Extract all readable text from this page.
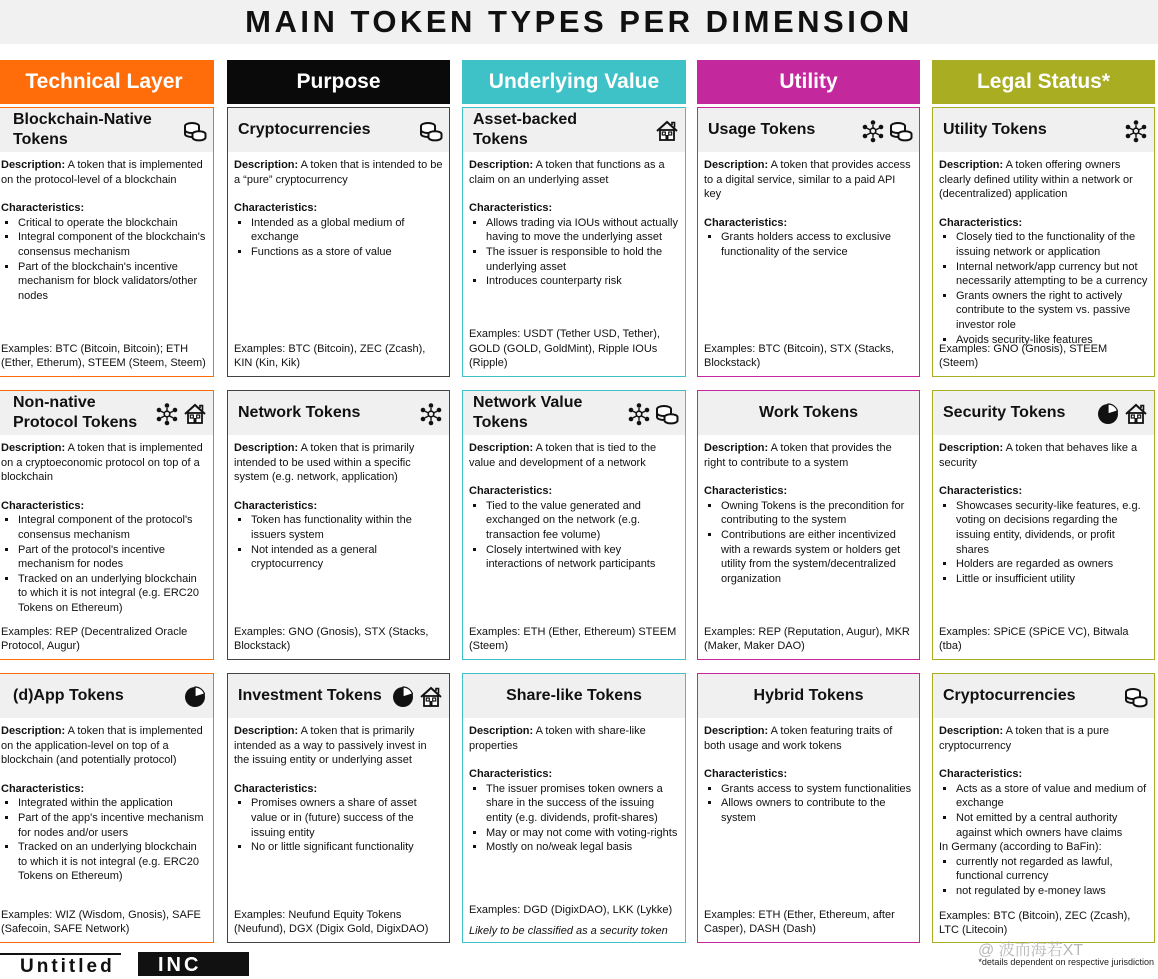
MAIN TOKEN TYPES PER DIMENSION
Technical Layer	Purpose	Underlying Value	Utility	Legal Status*
Blockchain-Native Tokens

Description: A token that is implemented on the protocol-level of a blockchain

Characteristics:

▪ Critical to operate the blockchain
▪ Integral component of the blockchain's consensus mechanism
▪ Part of the blockchain's incentive mechanism for block validators/other nodes
Examples: BTC (Bitcoin, Bitcoin); ETH (Ether, Etherum), STEEM (Steem, Steem)
Non-native Protocol Tokens

Description: A token that is implemented on a cryptoeconomic protocol on top of a blockchain

Characteristics:

▪ Integral component of the protocol's consensus mechanism
▪ Part of the protocol's incentive mechanism for nodes
▪ Tracked on an underlying blockchain to which it is not integral (e.g. ERC20 Tokens on Ethereum)
Examples: REP (Decentralized Oracle Protocol, Augur)
(d)App Tokens

Description: A token that is implemented on the application-level on top of a blockchain (and potentially protocol)

Characteristics:

▪ Integrated within the application
▪ Part of the app's incentive mechanism for nodes and/or users
▪ Tracked on an underlying blockchain to which it is not integral (e.g. ERC20 Tokens on Ethereum)
Examples: WIZ (Wisdom, Gnosis), SAFE (Safecoin, SAFE Network)
Cryptocurrencies

Description: A token that is intended to be a “pure” cryptocurrency

Characteristics:

▪ Intended as a global medium of exchange
▪ Functions as a store of value
Examples: BTC (Bitcoin), ZEC (Zcash), KIN (Kin, Kik)
Network Tokens

Description: A token that is primarily intended to be used within a specific system (e.g. network, application)

Characteristics:

▪ Token has functionality within the issuers system
▪ Not intended as a general cryptocurrency
Examples: GNO (Gnosis), STX (Stacks, Blockstack)
Investment Tokens

Description: A token that is primarily intended as a way to passively invest in the issuing entity or underlying asset

Characteristics:

▪ Promises owners a share of asset value or in (future) success of the issuing entity
▪ No or little significant functionality
Examples: Neufund Equity Tokens (Neufund), DGX (Digix Gold, DigixDAO)
Asset-backed Tokens

Description: A token that functions as a claim on an underlying asset

Characteristics:

▪ Allows trading via IOUs without actually having to move the underlying asset
▪ The issuer is responsible to hold the underlying asset
▪ Introduces counterparty risk
Examples: USDT (Tether USD, Tether), GOLD (GOLD, GoldMint), Ripple IOUs (Ripple)
Network Value Tokens

Description: A token that is tied to the value and development of a network

Characteristics:

▪ Tied to the value generated and exchanged on the network (e.g. transaction fee volume)
▪ Closely intertwined with key interactions of network participants
Examples: ETH (Ether, Ethereum) STEEM (Steem)
Share-like Tokens

Description: A token with share-like properties

Characteristics:

▪ The issuer promises token owners a share in the success of the issuing entity (e.g. dividends, profit-shares)
▪ May or may not come with voting-rights
▪ Mostly on no/weak legal basis
Examples: DGD (DigixDAO), LKK (Lykke)
Likely to be classified as a security token
Usage Tokens

Description: A token that provides access to a digital service, similar to a paid API key

Characteristics:

▪ Grants holders access to exclusive functionality of the service
Examples: BTC (Bitcoin), STX (Stacks, Blockstack)
Work Tokens

Description: A token that provides the right to contribute to a system

Characteristics:

▪ Owning Tokens is the precondition for contributing to the system
▪ Contributions are either incentivized with a rewards system or holders get utility from the system/decentralized organization
Examples: REP (Reputation, Augur), MKR (Maker, Maker DAO)
Hybrid Tokens

Description: A token featuring traits of both usage and work tokens

Characteristics:

▪ Grants access to system functionalities
▪ Allows owners to contribute to the system
Examples: ETH (Ether, Ethereum, after Casper), DASH (Dash)
Utility Tokens

Description: A token offering owners clearly defined utility within a network or (decentralized) application

Characteristics:

▪ Closely tied to the functionality of the issuing network or application
▪ Internal network/app currency but not necessarily attempting to be a currency
▪ Grants owners the right to actively contribute to the system vs. passive investor role
▪ Avoids security-like features
Examples: GNO (Gnosis), STEEM (Steem)
Security Tokens

Description: A token that behaves like a security

Characteristics:

▪ Showcases security-like features, e.g. voting on decisions regarding the issuing entity, dividends, or profit shares
▪ Holders are regarded as owners
▪ Little or insufficient utility
Examples: SPiCE (SPiCE VC), Bitwala (tba)
Cryptocurrencies

Description: A token that is a pure cryptocurrency

Characteristics:

▪ Acts as a store of value and medium of exchange
▪ Not emitted by a central authority against which owners have claims

In Germany (according to BaFin):

▪ currently not regarded as lawful, functional currency
▪ not regulated by e-money laws
Examples: BTC (Bitcoin), ZEC (Zcash), LTC (Litecoin)
Untitled	INC
@ 波而海若XT
*details dependent on respective jurisdiction
